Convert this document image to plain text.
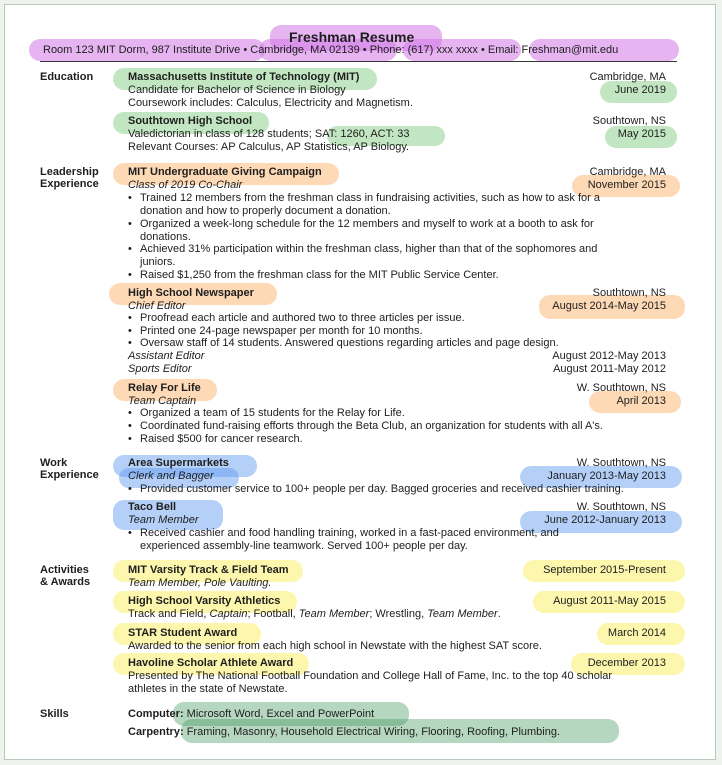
Freshman Resume
Room 123 MIT Dorm, 987 Institute Drive • Cambridge, MA 02139 • Phone: (617) xxx xxxx • Email: Freshman@mit.edu
Education	Massachusetts Institute of Technology (MIT)	Cambridge, MA
Candidate for Bachelor of Science in Biology	June 2019
Coursework includes: Calculus, Electricity and Magnetism.
Southtown High School	Southtown, NS
Valedictorian in class of 128 students; SAT: 1260, ACT: 33	May 2015
Relevant Courses: AP Calculus, AP Statistics, AP Biology.
Leadership
Experience
MIT Undergraduate Giving Campaign	Cambridge, MA
Class of 2019 Co-Chair	November 2015
• Trained 12 members from the freshman class in fundraising activities, such as how to ask for a
donation and how to properly document a donation.
• Organized a week-long schedule for the 12 members and myself to work at a booth to ask for
donations.
• Achieved 31% participation within the freshman class, higher than that of the sophomores and
juniors.
• Raised $1,250 from the freshman class for the MIT Public Service Center.
High School Newspaper	Southtown, NS
Chief Editor	August 2014-May 2015
• Proofread each article and authored two to three articles per issue.
• Printed one 24-page newspaper per month for 10 months.
• Oversaw staff of 14 students. Answered questions regarding articles and page design.
Assistant Editor	August 2012-May 2013
Sports Editor	August 2011-May 2012
Relay For Life	W. Southtown, NS
Team Captain	April 2013
• Organized a team of 15 students for the Relay for Life.
• Coordinated fund-raising efforts through the Beta Club, an organization for students with all A's.
• Raised $500 for cancer research.
Work
Experience
Area Supermarkets	W. Southtown, NS
Clerk and Bagger	January 2013-May 2013
• Provided customer service to 100+ people per day. Bagged groceries and received cashier training.
Taco Bell	W. Southtown, NS
Team Member	June 2012-January 2013
• Received cashier and food handling training, worked in a fast-paced environment, and
experienced assembly-line teamwork. Served 100+ people per day.
Activities
& Awards
MIT Varsity Track & Field Team	September 2015-Present
Team Member, Pole Vaulting.
High School Varsity Athletics	August 2011-May 2015
Track and Field, Captain; Football, Team Member; Wrestling, Team Member.
STAR Student Award	March 2014
Awarded to the senior from each high school in Newstate with the highest SAT score.
Havoline Scholar Athlete Award	December 2013
Presented by The National Football Foundation and College Hall of Fame, Inc. to the top 40 scholar
athletes in the state of Newstate.
Skills	Computer: Microsoft Word, Excel and PowerPoint
Carpentry: Framing, Masonry, Household Electrical Wiring, Flooring, Roofing, Plumbing.
